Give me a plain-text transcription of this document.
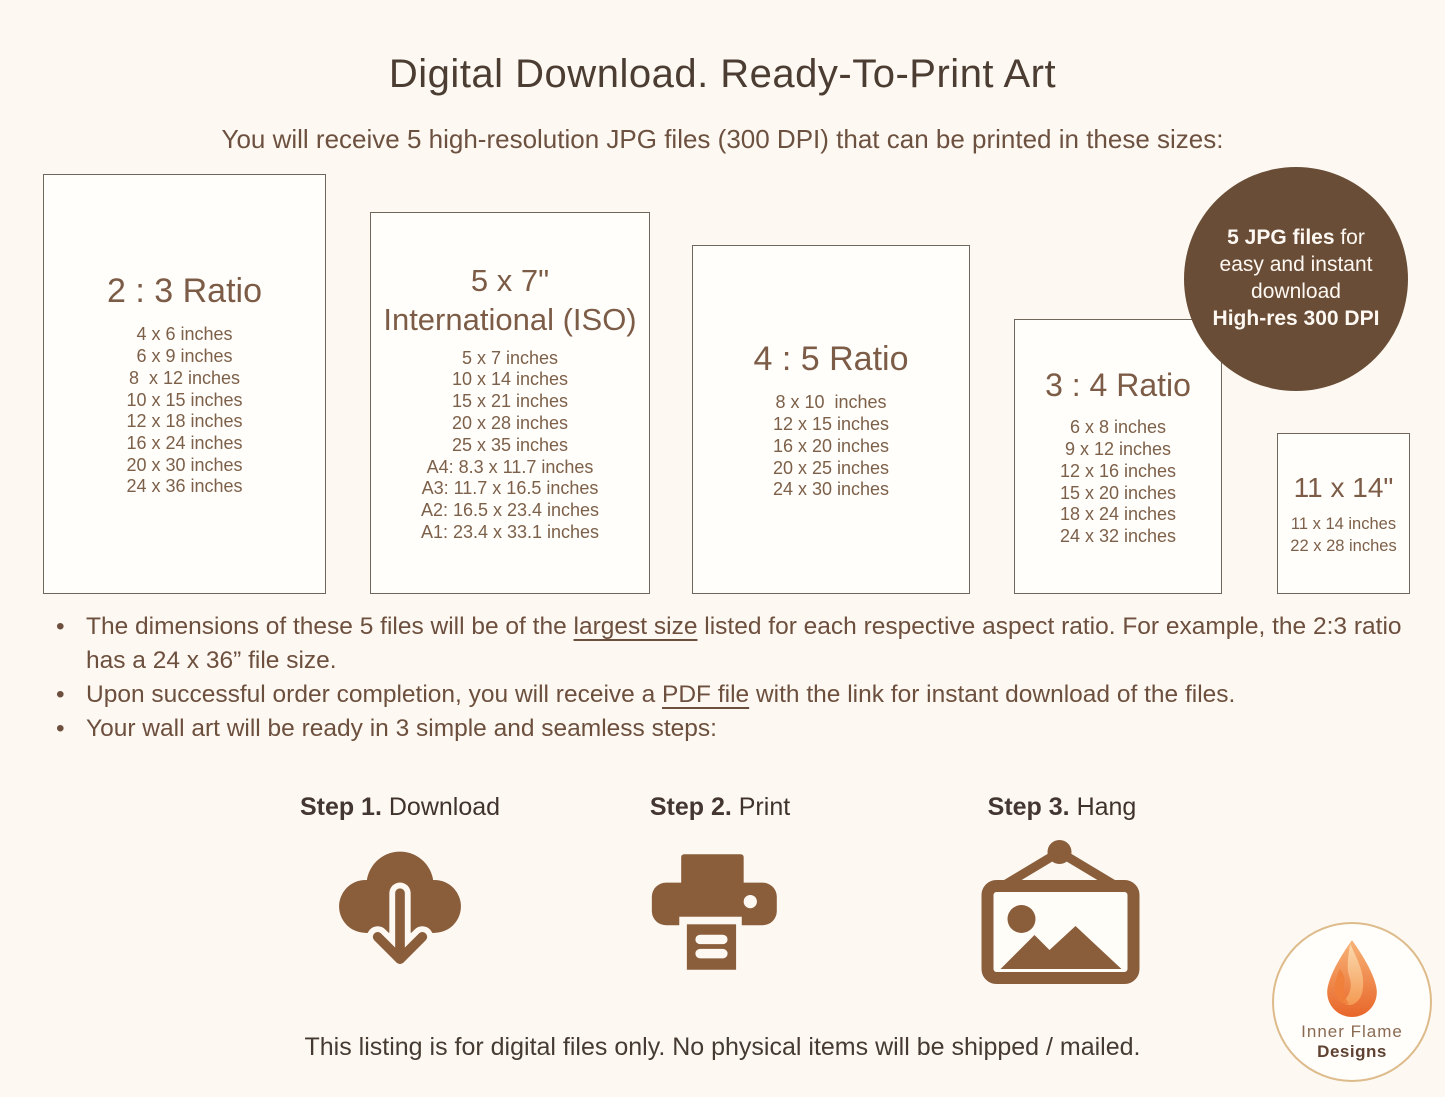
Digital Download. Ready-To-Print Art
You will receive 5 high-resolution JPG files (300 DPI) that can be printed in these sizes:
2 : 3 Ratio
4 x 6 inches
6 x 9 inches
8  x 12 inches
10 x 15 inches
12 x 18 inches
16 x 24 inches
20 x 30 inches
24 x 36 inches
5 x 7" International (ISO)
5 x 7 inches
10 x 14 inches
15 x 21 inches
20 x 28 inches
25 x 35 inches
A4: 8.3 x 11.7 inches
A3: 11.7 x 16.5 inches
A2: 16.5 x 23.4 inches
A1: 23.4 x 33.1 inches
4 : 5 Ratio
8 x 10  inches
12 x 15 inches
16 x 20 inches
20 x 25 inches
24 x 30 inches
3 : 4 Ratio
6 x 8 inches
9 x 12 inches
12 x 16 inches
15 x 20 inches
18 x 24 inches
24 x 32 inches
11 x 14"
11 x 14 inches
22 x 28 inches
5 JPG files for
easy and instant
download
High-res 300 DPI
• The dimensions of these 5 files will be of the largest size listed for each respective aspect ratio. For example, the 2:3 ratio has a 24 x 36” file size.
• Upon successful order completion, you will receive a PDF file with the link for instant download of the files.
• Your wall art will be ready in 3 simple and seamless steps:
Step 1. Download	Step 2. Print	Step 3. Hang
This listing is for digital files only. No physical items will be shipped / mailed.
Inner Flame
Designs
